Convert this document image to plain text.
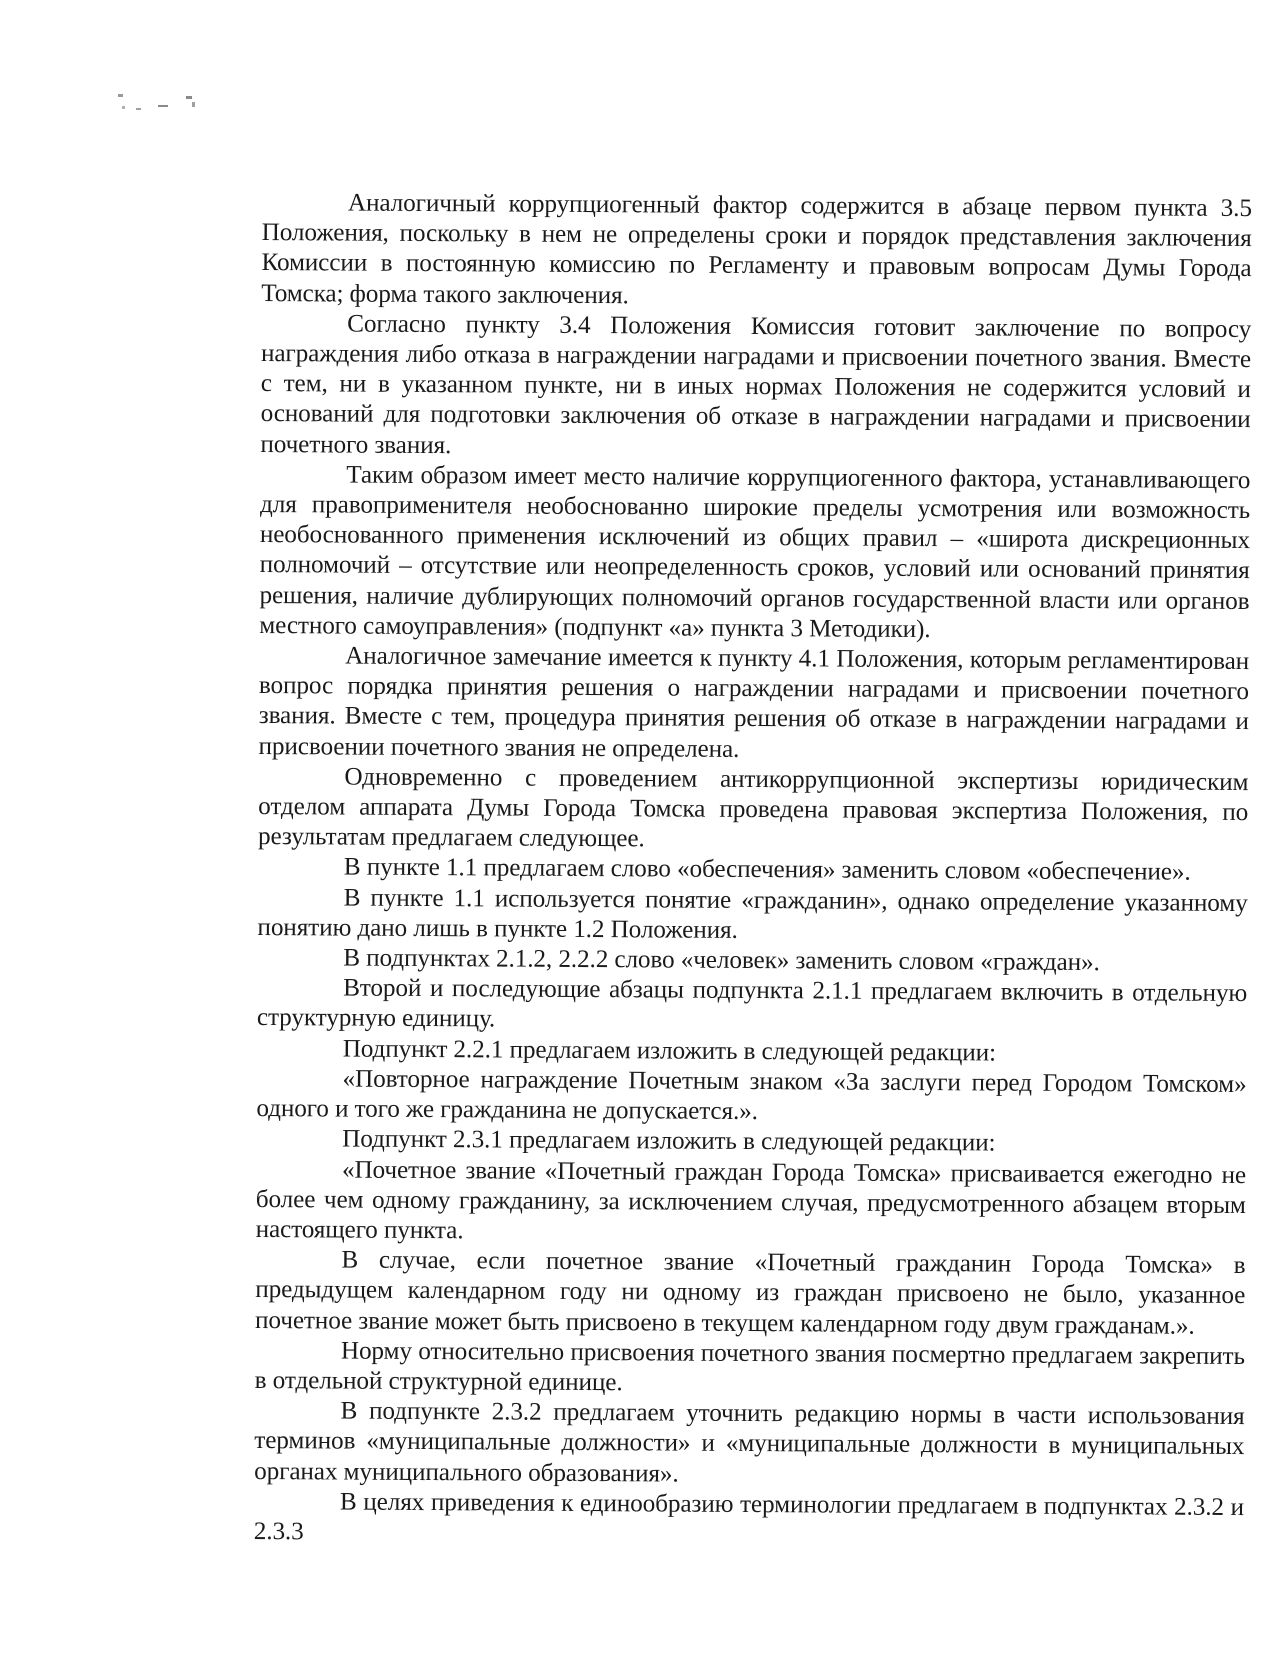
Аналогичный коррупциогенный фактор содержится в абзаце первом пункта 3.5 Положения, поскольку в нем не определены сроки и порядок представления заключения Комиссии в постоянную комиссию по Регламенту и правовым вопросам Думы Города Томска; форма такого заключения.

Согласно пункту 3.4 Положения Комиссия готовит заключение по вопросу награждения либо отказа в награждении наградами и присвоении почетного звания. Вместе с тем, ни в указанном пункте, ни в иных нормах Положения не содержится условий и оснований для подготовки заключения об отказе в награждении наградами и присвоении почетного звания.

Таким образом имеет место наличие коррупциогенного фактора, устанавливающего для правоприменителя необоснованно широкие пределы усмотрения или возможность необоснованного применения исключений из общих правил – «широта дискреционных полномочий – отсутствие или неопределенность сроков, условий или оснований принятия решения, наличие дублирующих полномочий органов государственной власти или органов местного самоуправления» (подпункт «а» пункта 3 Методики).

Аналогичное замечание имеется к пункту 4.1 Положения, которым регламентирован вопрос порядка принятия решения о награждении наградами и присвоении почетного звания. Вместе с тем, процедура принятия решения об отказе в награждении наградами и присвоении почетного звания не определена.

Одновременно с проведением антикоррупционной экспертизы юридическим отделом аппарата Думы Города Томска проведена правовая экспертиза Положения, по результатам предлагаем следующее.

В пункте 1.1 предлагаем слово «обеспечения» заменить словом «обеспечение».

В пункте 1.1 используется понятие «гражданин», однако определение указанному понятию дано лишь в пункте 1.2 Положения.

В подпунктах 2.1.2, 2.2.2 слово «человек» заменить словом «граждан».

Второй и последующие абзацы подпункта 2.1.1 предлагаем включить в отдельную структурную единицу.

Подпункт 2.2.1 предлагаем изложить в следующей редакции:

«Повторное награждение Почетным знаком «За заслуги перед Городом Томском» одного и того же гражданина не допускается.».

Подпункт 2.3.1 предлагаем изложить в следующей редакции:

«Почетное звание «Почетный граждан Города Томска» присваивается ежегодно не более чем одному гражданину, за исключением случая, предусмотренного абзацем вторым настоящего пункта.

В случае, если почетное звание «Почетный гражданин Города Томска» в предыдущем календарном году ни одному из граждан присвоено не было, указанное почетное звание может быть присвоено в текущем календарном году двум гражданам.».

Норму относительно присвоения почетного звания посмертно предлагаем закрепить в отдельной структурной единице.

В подпункте 2.3.2 предлагаем уточнить редакцию нормы в части использования терминов «муниципальные должности» и «муниципальные должности в муниципальных органах муниципального образования».

В целях приведения к единообразию терминологии предлагаем в подпунктах 2.3.2 и 2.3.3
